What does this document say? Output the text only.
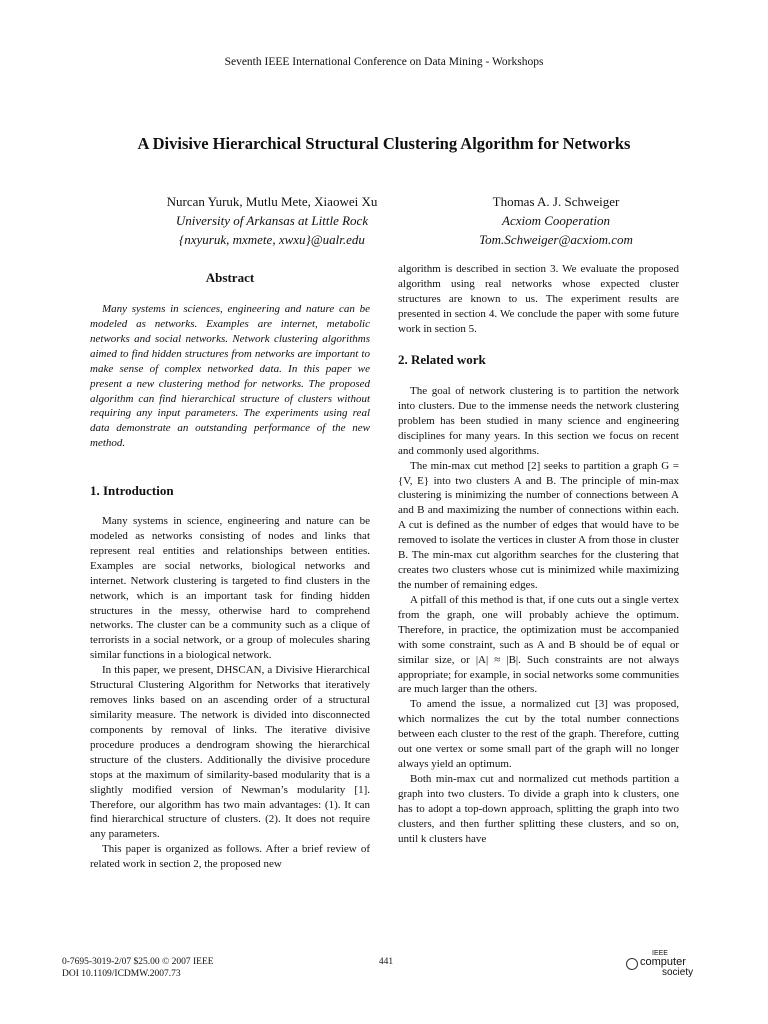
Seventh IEEE International Conference on Data Mining - Workshops
A Divisive Hierarchical Structural Clustering Algorithm for Networks
Nurcan Yuruk, Mutlu Mete, Xiaowei Xu
University of Arkansas at Little Rock
{nxyuruk, mxmete, xwxu}@ualr.edu
Thomas A. J. Schweiger
Acxiom Cooperation
Tom.Schweiger@acxiom.com
Abstract

Many systems in sciences, engineering and nature can be modeled as networks. Examples are internet, metabolic networks and social networks. Network clustering algorithms aimed to find hidden structures from networks are important to make sense of complex networked data. In this paper we present a new clustering method for networks. The proposed algorithm can find hierarchical structure of clusters without requiring any input parameters. The experiments using real data demonstrate an outstanding performance of the new method.

1. Introduction

Many systems in science, engineering and nature can be modeled as networks consisting of nodes and links that represent real entities and relationships between entities. Examples are social networks, biological networks and internet. Network clustering is targeted to find clusters in the network, which is an important task for finding hidden structures in the messy, otherwise hard to comprehend networks. The cluster can be a community such as a clique of terrorists in a social network, or a group of molecules sharing similar functions in a biological network.

In this paper, we present, DHSCAN, a Divisive Hierarchical Structural Clustering Algorithm for Networks that iteratively removes links based on an ascending order of a structural similarity measure. The network is divided into disconnected components by removal of links. The iterative divisive procedure produces a dendrogram showing the hierarchical structure of the clusters. Additionally the divisive procedure stops at the maximum of similarity-based modularity that is a slightly modified version of Newman’s modularity [1]. Therefore, our algorithm has two main advantages: (1). It can find hierarchical structure of clusters. (2). It does not require any parameters.

This paper is organized as follows. After a brief review of related work in section 2, the proposed new

algorithm is described in section 3. We evaluate the proposed algorithm using real networks whose expected cluster structures are known to us. The experiment results are presented in section 4. We conclude the paper with some future work in section 5.

2. Related work

The goal of network clustering is to partition the network into clusters. Due to the immense needs the network clustering problem has been studied in many science and engineering disciplines for many years. In this section we focus on recent and commonly used algorithms.

The min-max cut method [2] seeks to partition a graph G = {V, E} into two clusters A and B. The principle of min-max clustering is minimizing the number of connections between A and B and maximizing the number of connections within each. A cut is defined as the number of edges that would have to be removed to isolate the vertices in cluster A from those in cluster B. The min-max cut algorithm searches for the clustering that creates two clusters whose cut is minimized while maximizing the number of remaining edges.

A pitfall of this method is that, if one cuts out a single vertex from the graph, one will probably achieve the optimum. Therefore, in practice, the optimization must be accompanied with some constraint, such as A and B should be of equal or similar size, or |A| ≈ |B|. Such constraints are not always appropriate; for example, in social networks some communities are much larger than the others.

To amend the issue, a normalized cut [3] was proposed, which normalizes the cut by the total number connections between each cluster to the rest of the graph. Therefore, cutting out one vertex or some small part of the graph will no longer always yield an optimum.

Both min-max cut and normalized cut methods partition a graph into two clusters. To divide a graph into k clusters, one has to adopt a top-down approach, splitting the graph into two clusters, and then further splitting these clusters, and so on, until k clusters have

0-7695-3019-2/07 $25.00 © 2007 IEEE
DOI 10.1109/ICDMW.2007.73
441
IEEE
computer
society
